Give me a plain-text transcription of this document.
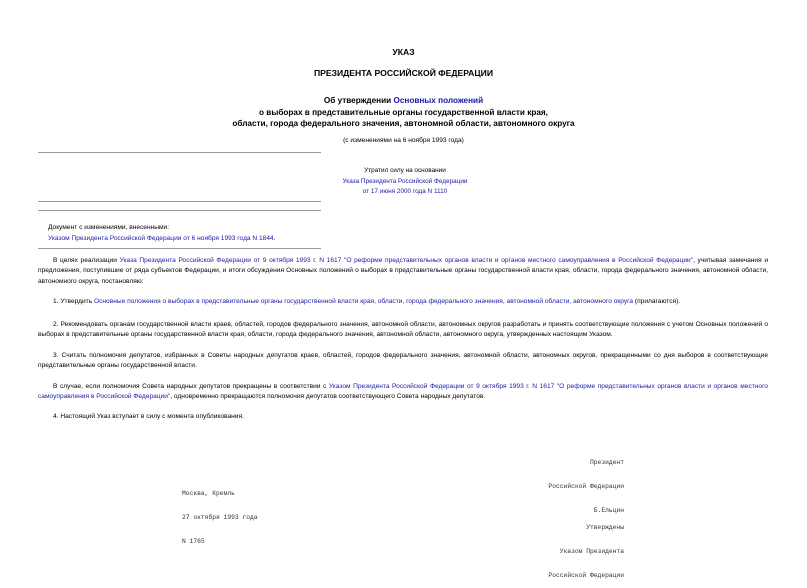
УКАЗ
ПРЕЗИДЕНТА РОССИЙСКОЙ ФЕДЕРАЦИИ
Об утверждении Основных положений
о выборах в представительные органы государственной власти края,
области, города федерального значения, автономной области, автономного округа
(с изменениями на 6 ноября 1993 года)
Утратил силу на основании
Указа Президента Российской Федерации
от 17 июня 2000 года N 1110
Документ с изменениями, внесенными:
Указом Президента Российской Федерации от 6 ноября 1993 года N 1844.

В целях реализации Указа Президента Российской Федерации от 9 октября 1993 г. N 1617 "О реформе представительных органов власти и органов местного самоуправления в Российской Федерации", учитывая замечания и предложения, поступившие от ряда субъектов Федерации, и итоги обсуждения Основных положений о выборах в представительные органы государственной власти края, области, города федерального значения, автономной области, автономного округа, постановляю:

1. Утвердить Основные положения о выборах в представительные органы государственной власти края, области, города федерального значения, автономной области, автономного округа (прилагаются).

2. Рекомендовать органам государственной власти краев, областей, городов федерального значения, автономной области, автономных округов разработать и принять соответствующие положения с учетом Основных положений о выборах в представительные органы государственной власти края, области, города федерального значения, автономной области, автономного округа, утвержденных настоящим Указом.

3. Считать полномочия депутатов, избранных в Советы народных депутатов краев, областей, городов федерального значения, автономной области, автономных округов, прекращенными со дня выборов в соответствующие представительные органы государственной власти.

В случае, если полномочия Совета народных депутатов прекращены в соответствии с Указом Президента Российской Федерации от 9 октября 1993 г. N 1617 "О реформе представительных органов власти и органов местного самоуправления в Российской Федерации", одновременно прекращаются полномочия депутатов соответствующего Совета народных депутатов.

4. Настоящий Указ вступает в силу с момента опубликования.

Президент

Российской Федерации

Б.Ельцин

Москва, Кремль

27 октября 1993 года

N 1765

Утверждены

Указом Президента

Российской Федерации
